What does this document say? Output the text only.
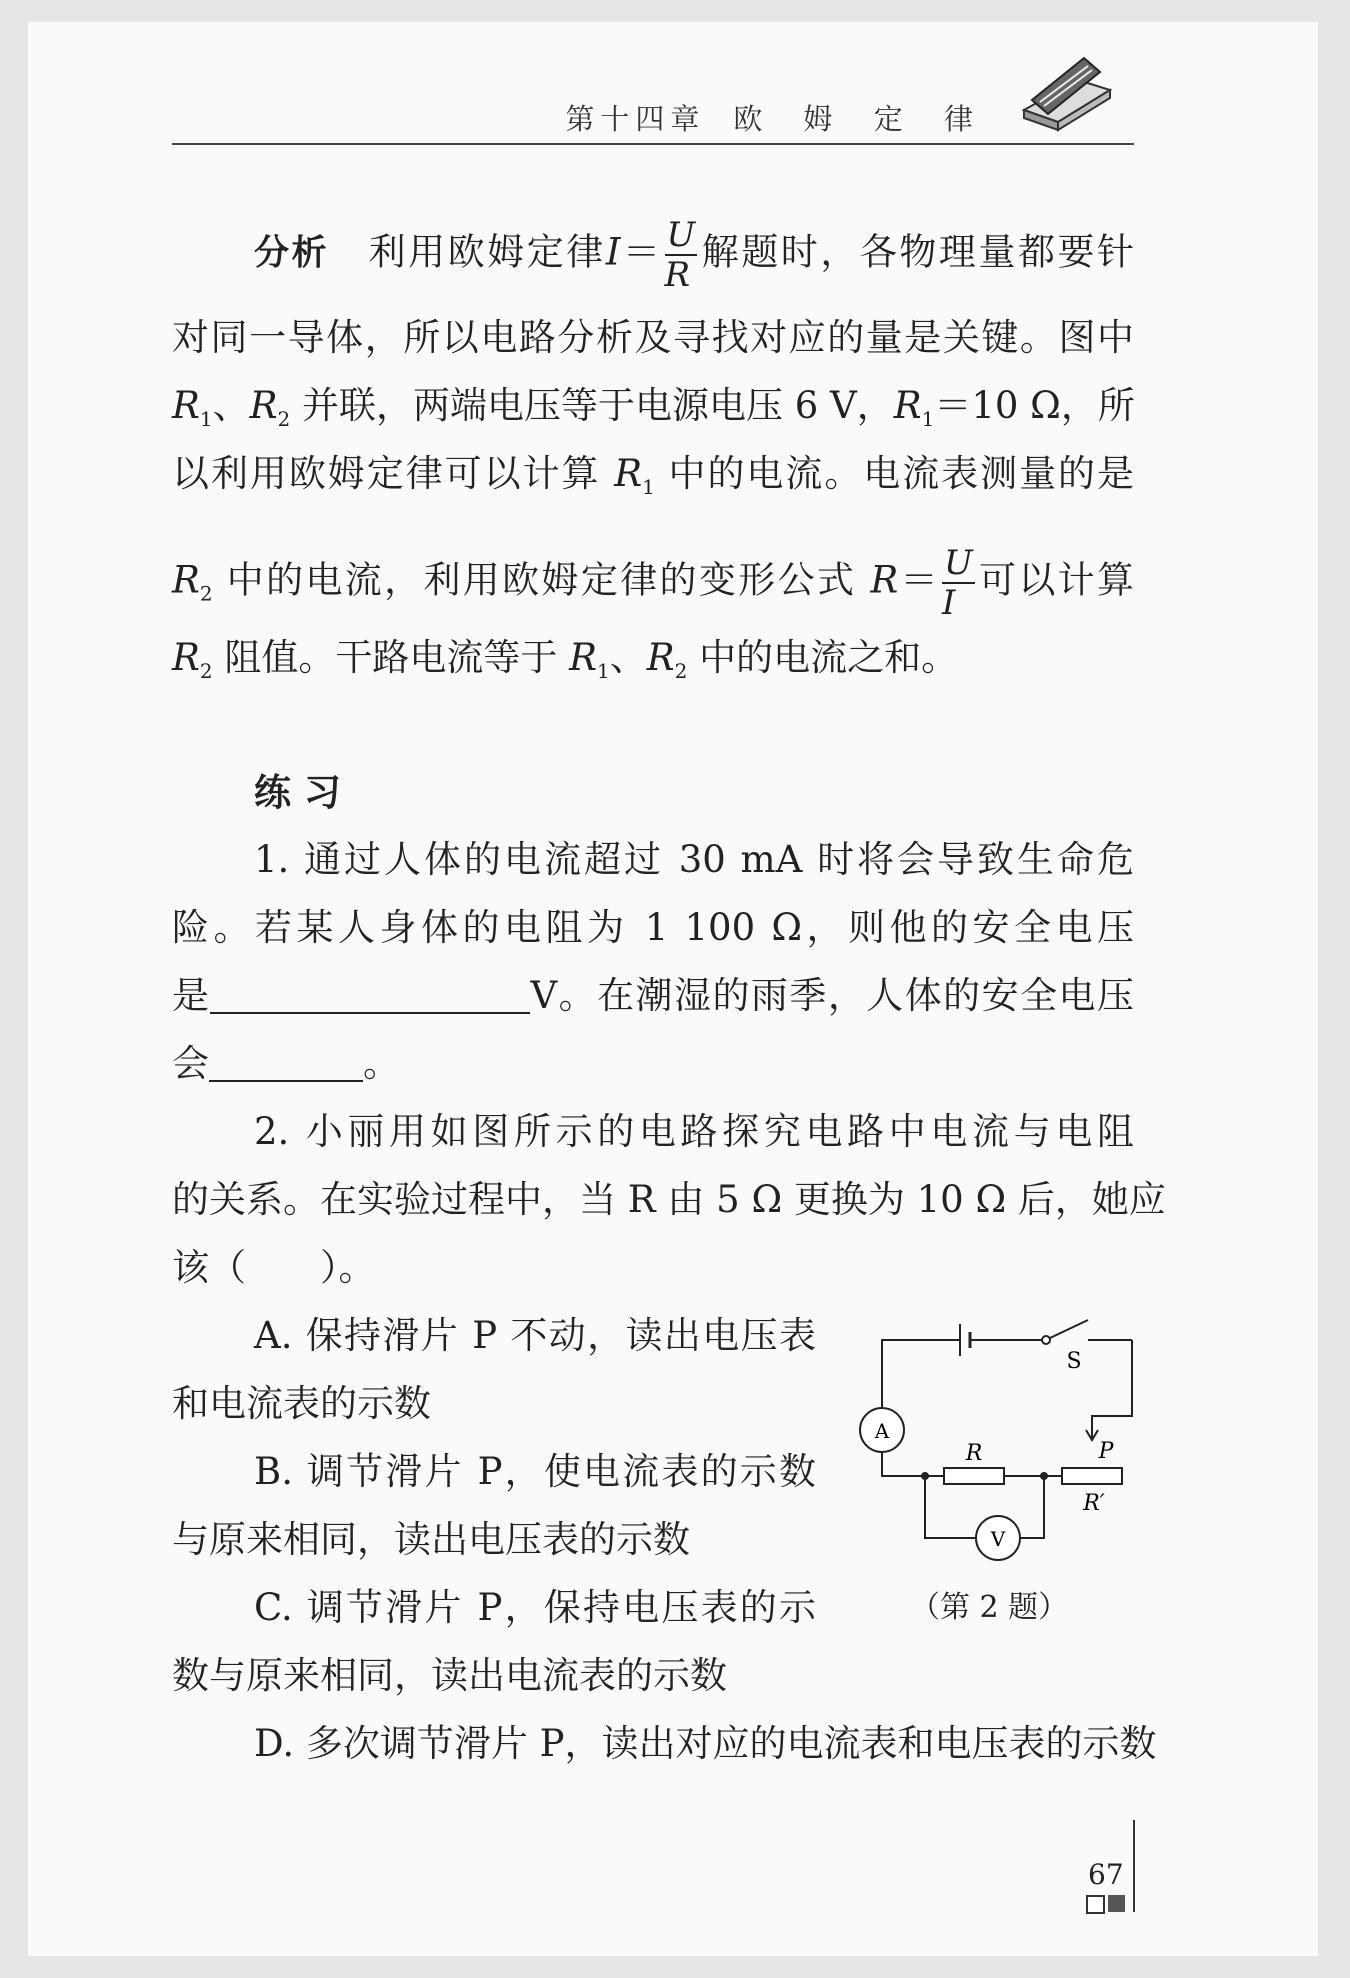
第十四章 欧 姆 定 律
分析　 利用欧姆定律$I= \frac{U}{R}$ 解题时，各物理量都要针
对同一导体，所以电路分析及寻找对应的量是关键。图中
$R_1$、$R_2$ 并联，两端电压等于电源电压 6 V，$R_1=10$ Ω，所
以利用欧姆定律可以计算 $R_1$ 中的电流。电流表测量的是
$R_2$ 中的电流，利用欧姆定律的变形公式 $R= \frac{U}{I}$ 可以计算
$R_2$ 阻值。干路电流等于 $R_1$、$R_2$ 中的电流之和。
练 习
1. 通过人体的电流超过 30 mA 时将会导致生命危
险。若某人身体的电阻为 1 100 Ω，则他的安全电压
是	V。在潮湿的雨季，人体的安全电压
会	。
2. 小丽用如图所示的电路探究电路中电流与电阻
的关系。在实验过程中，当 R 由 5 Ω 更换为 10 Ω 后，她应
该（　　）。
A. 保持滑片 P 不动，读出电压表
和电流表的示数
B. 调节滑片 P，使电流表的示数
与原来相同，读出电压表的示数
C. 调节滑片 P，保持电压表的示
数与原来相同，读出电流表的示数
D. 多次调节滑片 P，读出对应的电流表和电压表的示数
A
V
S
R	P
R′
（第 2 题）
67
